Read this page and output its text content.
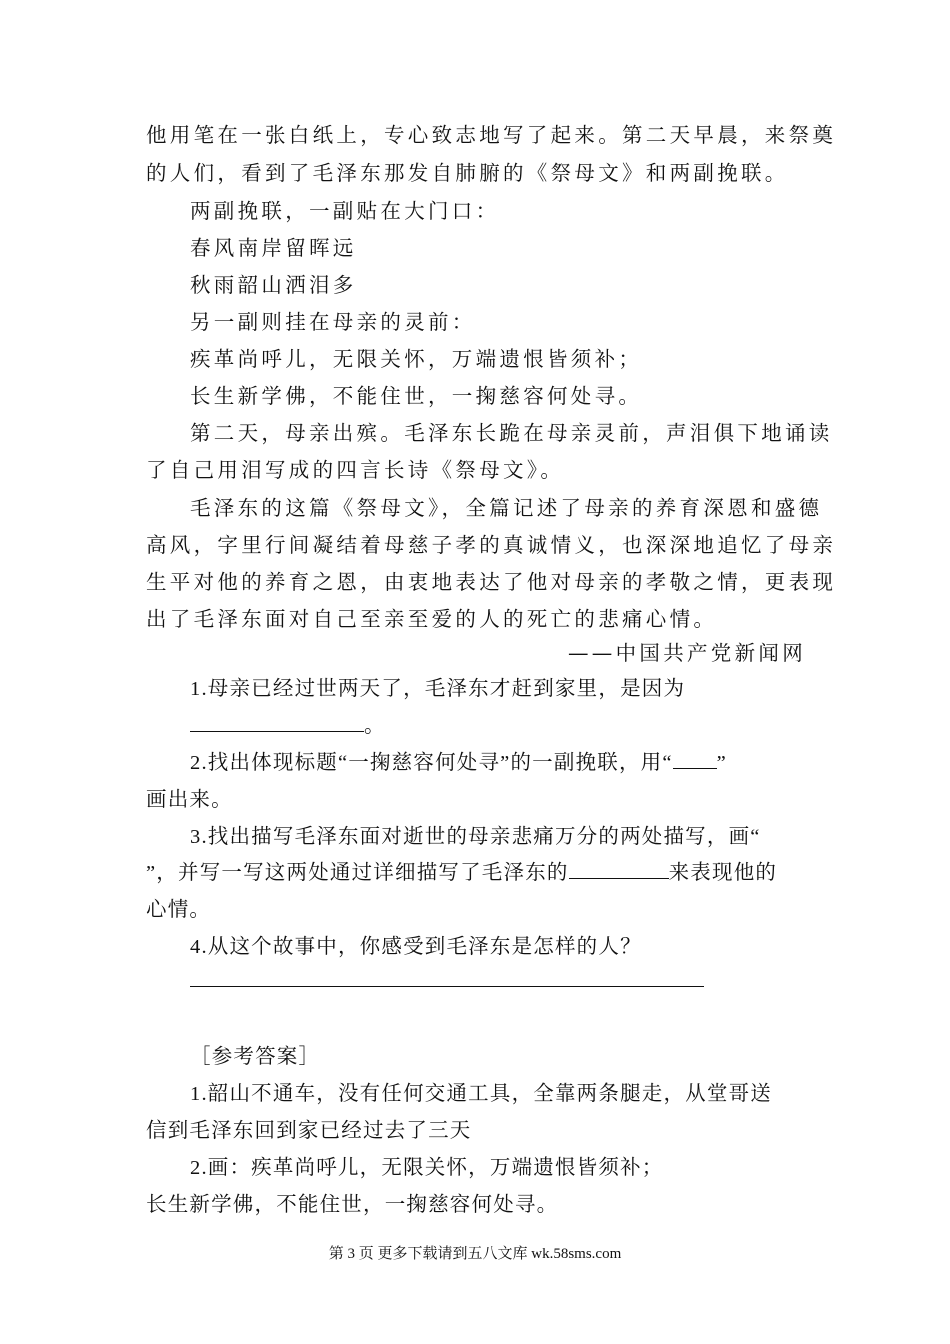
他用笔在一张白纸上，专心致志地写了起来。第二天早晨，来祭奠
的人们，看到了毛泽东那发自肺腑的《祭母文》和两副挽联。
两副挽联，一副贴在大门口：
春风南岸留晖远
秋雨韶山洒泪多
另一副则挂在母亲的灵前：
疾革尚呼儿，无限关怀，万端遗恨皆须补；
长生新学佛，不能住世，一掬慈容何处寻。
第二天，母亲出殡。毛泽东长跪在母亲灵前，声泪俱下地诵读
了自己用泪写成的四言长诗《祭母文》。
毛泽东的这篇《祭母文》，全篇记述了母亲的养育深恩和盛德
高风，字里行间凝结着母慈子孝的真诚情义，也深深地追忆了母亲
生平对他的养育之恩，由衷地表达了他对母亲的孝敬之情，更表现
出了毛泽东面对自己至亲至爱的人的死亡的悲痛心情。
——中国共产党新闻网
1.母亲已经过世两天了，毛泽东才赶到家里，是因为
。
2.找出体现标题“一掬慈容何处寻”的一副挽联，用“ ”
画出来。
3.找出描写毛泽东面对逝世的母亲悲痛万分的两处描写，画“
”，并写一写这两处通过详细描写了毛泽东的	来表现他的
心情。
4.从这个故事中，你感受到毛泽东是怎样的人？
［参考答案］
1.韶山不通车，没有任何交通工具，全靠两条腿走，从堂哥送
信到毛泽东回到家已经过去了三天
2.画：疾革尚呼儿，无限关怀，万端遗恨皆须补；
长生新学佛，不能住世，一掬慈容何处寻。
第 3 页 更多下载请到五八文库 wk.58sms.com
